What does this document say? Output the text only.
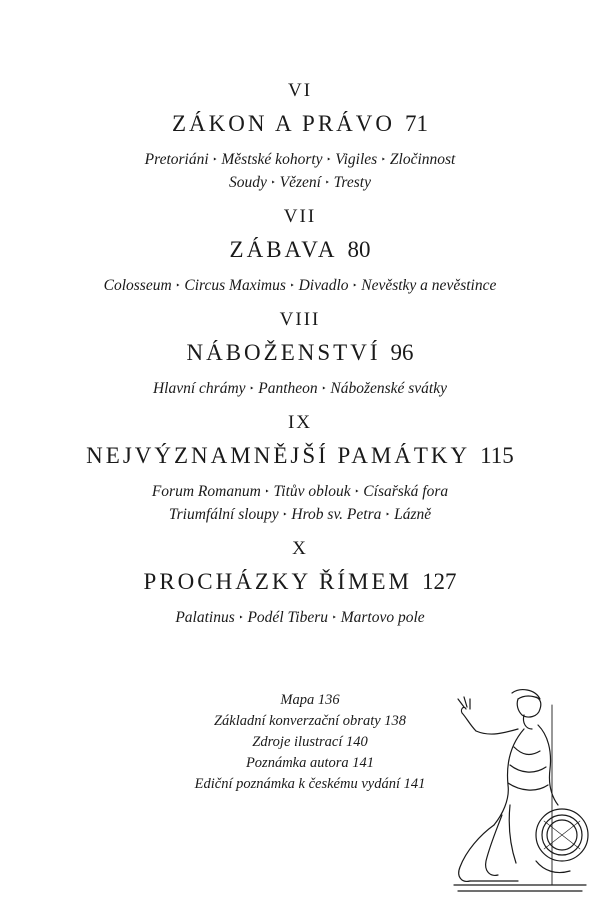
VI
ZÁKON A PRÁVO 71
Pretoriáni ‣ Městské kohorty ‣ Vigiles ‣ Zločinnost
Soudy ‣ Vězení ‣ Tresty
VII
ZÁBAVA 80
Colosseum ‣ Circus Maximus ‣ Divadlo ‣ Nevěstky a nevěstince
VIII
NÁBOŽENSTVÍ 96
Hlavní chrámy ‣ Pantheon ‣ Náboženské svátky
IX
NEJVÝZNAMNĚJŠÍ PAMÁTKY 115
Forum Romanum ‣ Titův oblouk ‣ Císařská fora
Triumfální sloupy ‣ Hrob sv. Petra ‣ Lázně
X
PROCHÁZKY ŘÍMEM 127
Palatinus ‣ Podél Tiberu ‣ Martovo pole
Mapa 136
Základní konverzační obraty 138
Zdroje ilustrací 140
Poznámka autora 141
Ediční poznámka k českému vydání 141
